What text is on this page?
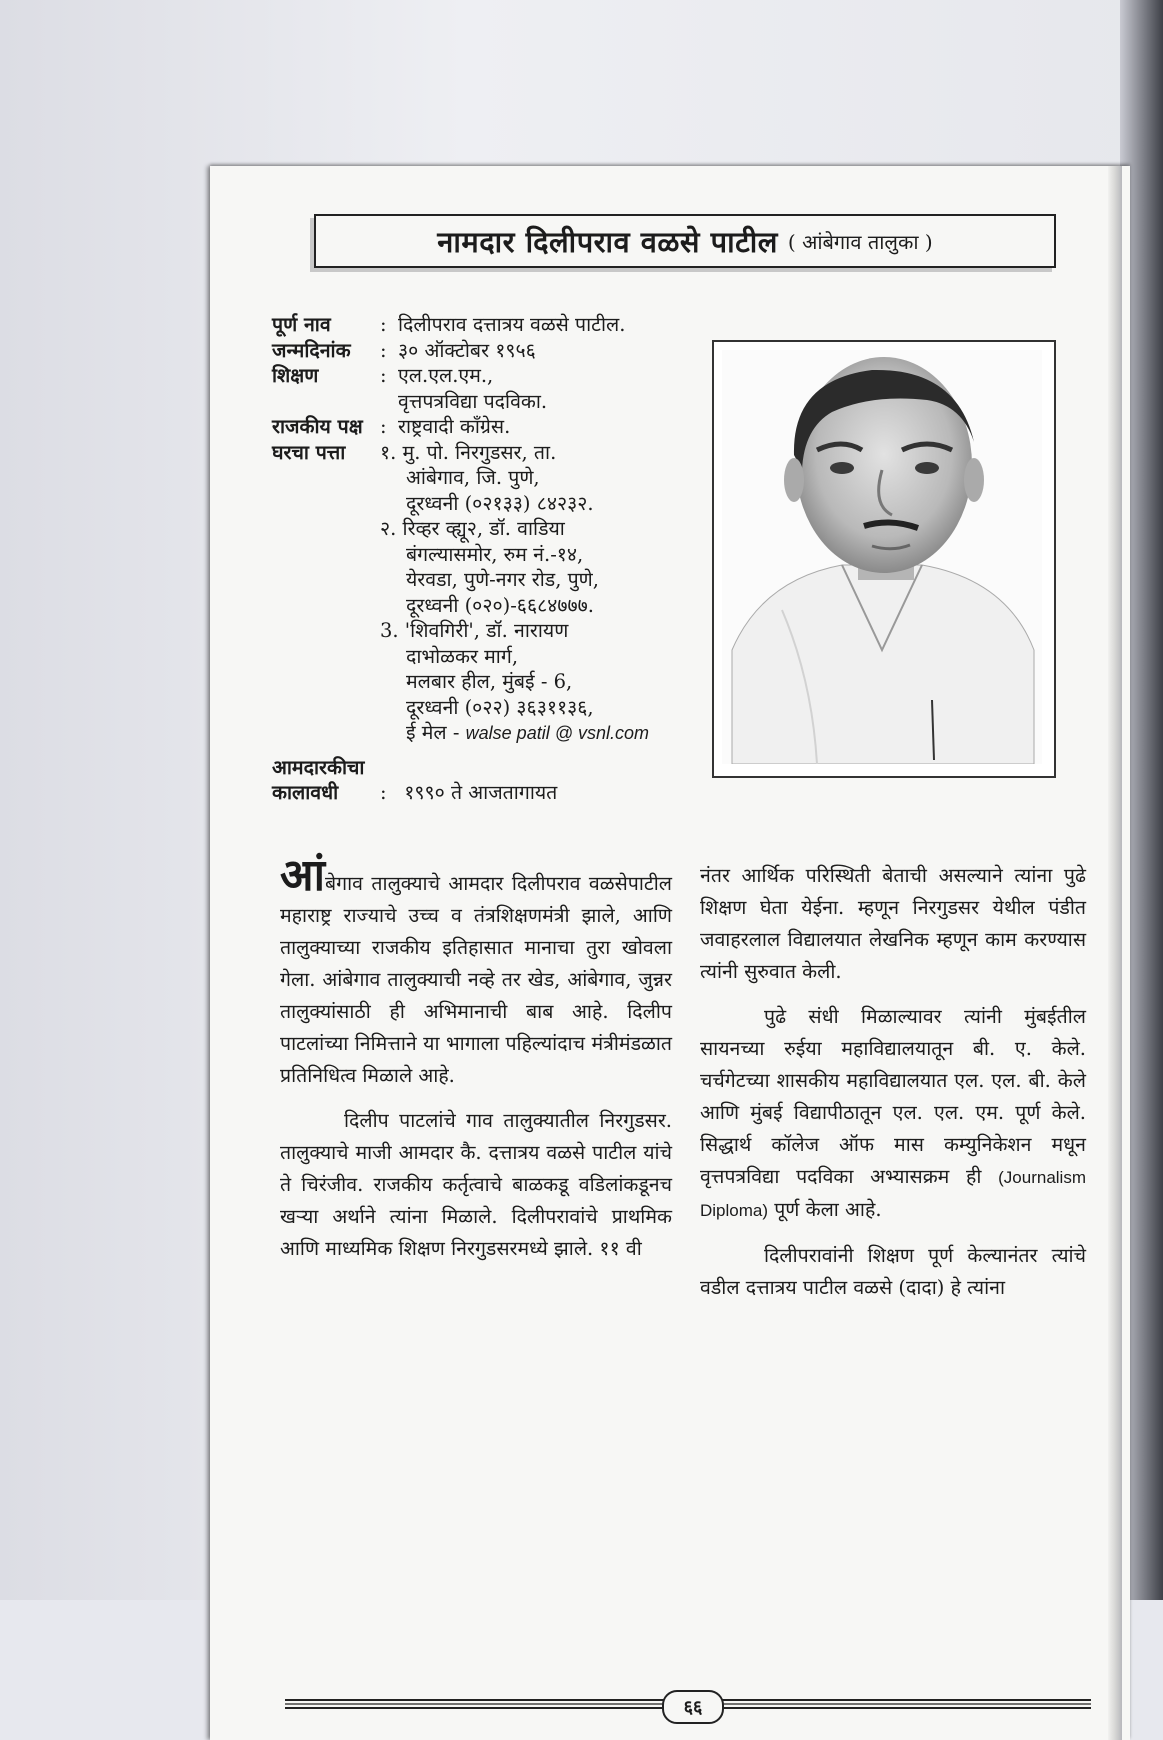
नामदार दिलीपराव वळसे पाटील ( आंबेगाव तालुका )
पूर्ण नाव	: दिलीपराव दत्तात्रय वळसे पाटील.
जन्मदिनांक	: ३० ऑक्टोबर १९५६
शिक्षण	: एल.एल.एम.,
वृत्तपत्रविद्या पदविका.
राजकीय पक्ष : राष्ट्रवादी काँग्रेस.
घरचा पत्ता	१. मु. पो. निरगुडसर, ता.
आंबेगाव, जि. पुणे,
दूरध्वनी (०२१३३) ८४२३२.
२. रिव्हर व्ह्यू२, डॉ. वाडिया
बंगल्यासमोर, रुम नं.-१४,
येरवडा, पुणे-नगर रोड, पुणे,
दूरध्वनी (०२०)-६६८४७७७.
3. 'शिवगिरी', डॉ. नारायण
दाभोळकर मार्ग,
मलबार हील, मुंबई - 6,
दूरध्वनी (०२२) ३६३११३६,
ई मेल - walse patil @ vsnl.com
आमदारकीचा
कालावधी	: १९९० ते आजतागायत

आंबेगाव तालुक्याचे आमदार दिलीपराव वळसेपाटील महाराष्ट्र राज्याचे उच्च व तंत्रशिक्षणमंत्री झाले, आणि तालुक्याच्या राजकीय इतिहासात मानाचा तुरा खोवला गेला. आंबेगाव तालुक्याची नव्हे तर खेड, आंबेगाव, जुन्नर तालुक्यांसाठी ही अभिमानाची बाब आहे. दिलीप पाटलांच्या निमित्ताने या भागाला पहिल्यांदाच मंत्रीमंडळात प्रतिनिधित्व मिळाले आहे.

दिलीप पाटलांचे गाव तालुक्यातील निरगुडसर. तालुक्याचे माजी आमदार कै. दत्तात्रय वळसे पाटील यांचे ते चिरंजीव. राजकीय कर्तृत्वाचे बाळकडू वडिलांकडूनच खऱ्या अर्थाने त्यांना मिळाले. दिलीपरावांचे प्राथमिक आणि माध्यमिक शिक्षण निरगुडसरमध्ये झाले. ११ वी

नंतर आर्थिक परिस्थिती बेताची असल्याने त्यांना पुढे शिक्षण घेता येईना. म्हणून निरगुडसर येथील पंडीत जवाहरलाल विद्यालयात लेखनिक म्हणून काम करण्यास त्यांनी सुरुवात केली.

पुढे संधी मिळाल्यावर त्यांनी मुंबईतील सायनच्या रुईया महाविद्यालयातून बी. ए. केले. चर्चगेटच्या शासकीय महाविद्यालयात एल. एल. बी. केले आणि मुंबई विद्यापीठातून एल. एल. एम. पूर्ण केले. सिद्धार्थ कॉलेज ऑफ मास कम्युनिकेशन मधून वृत्तपत्रविद्या पदविका अभ्यासक्रम ही (Journalism Diploma) पूर्ण केला आहे.

दिलीपरावांनी शिक्षण पूर्ण केल्यानंतर त्यांचे वडील दत्तात्रय पाटील वळसे (दादा) हे त्यांना

६६
